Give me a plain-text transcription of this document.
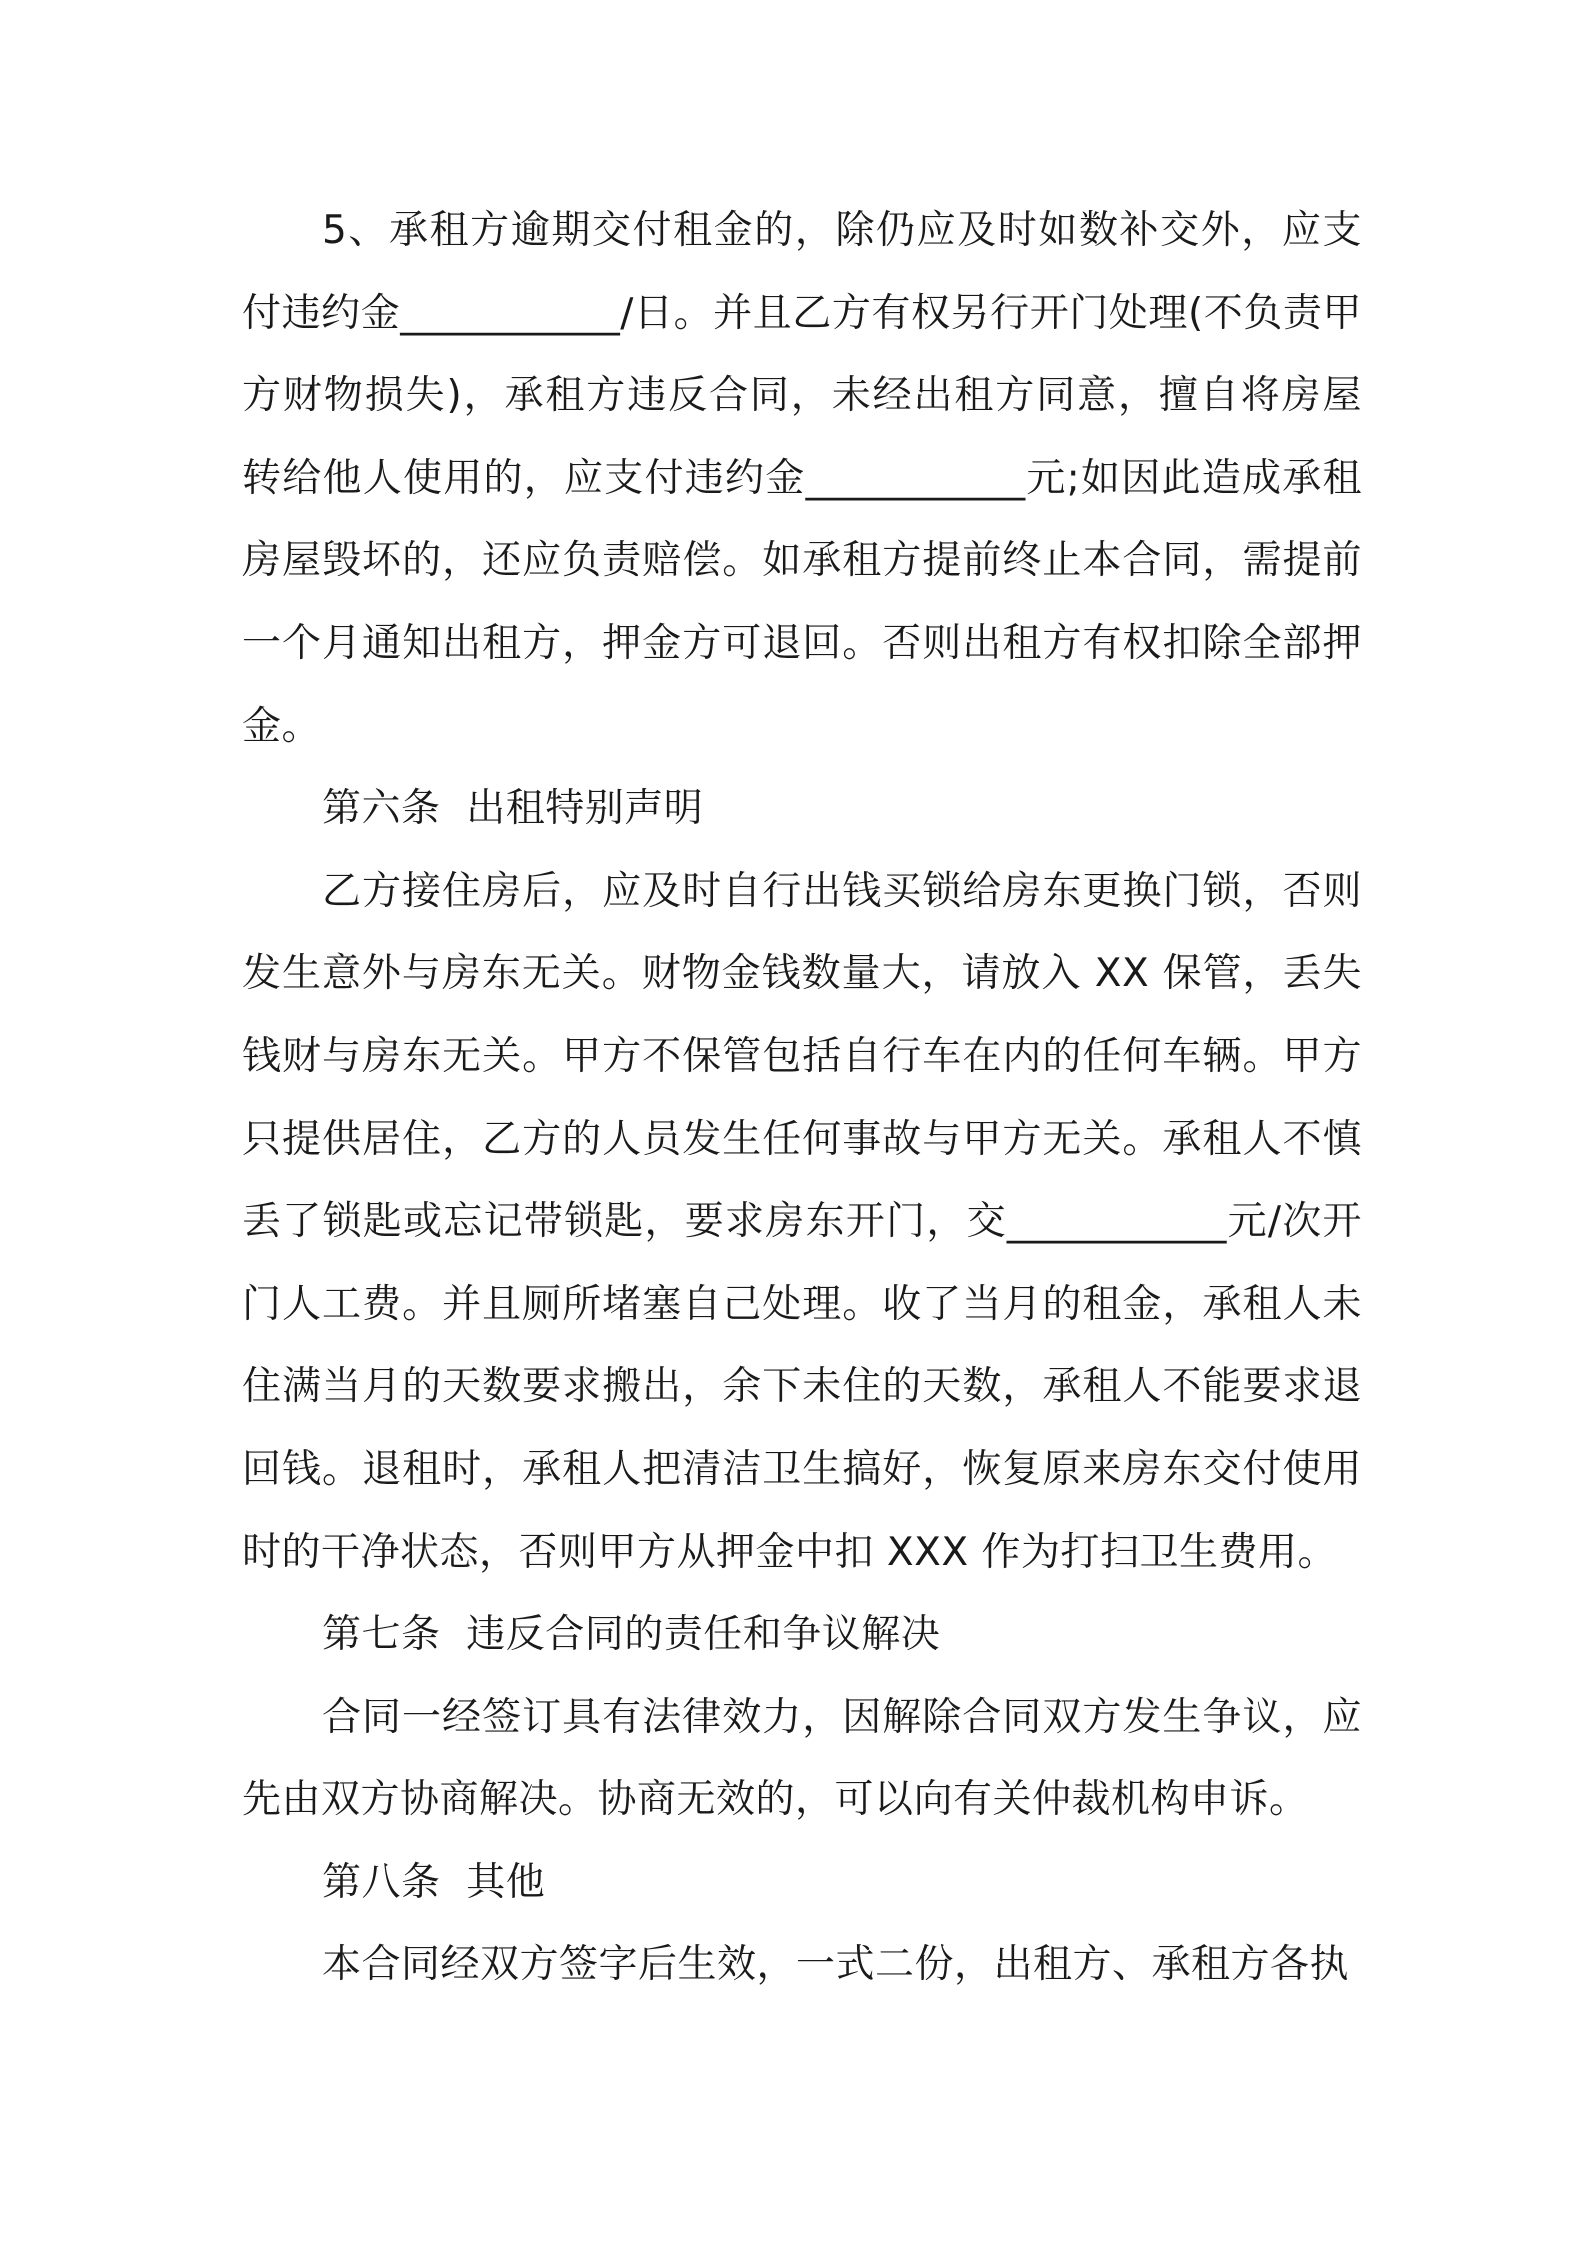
5、承租方逾期交付租金的，除仍应及时如数补交外，应支付违约金___________/日。并且乙方有权另行开门处理(不负责甲方财物损失)，承租方违反合同，未经出租方同意，擅自将房屋转给他人使用的，应支付违约金___________元;如因此造成承租房屋毁坏的，还应负责赔偿。如承租方提前终止本合同，需提前一个月通知出租方，押金方可退回。否则出租方有权扣除全部押金。

第六条  出租特别声明

乙方接住房后，应及时自行出钱买锁给房东更换门锁，否则发生意外与房东无关。财物金钱数量大，请放入 XX 保管，丢失钱财与房东无关。甲方不保管包括自行车在内的任何车辆。甲方只提供居住，乙方的人员发生任何事故与甲方无关。承租人不慎丢了锁匙或忘记带锁匙，要求房东开门，交___________元/次开门人工费。并且厕所堵塞自己处理。收了当月的租金，承租人未住满当月的天数要求搬出，余下未住的天数，承租人不能要求退回钱。退租时，承租人把清洁卫生搞好，恢复原来房东交付使用时的干净状态，否则甲方从押金中扣 XXX 作为打扫卫生费用。

第七条  违反合同的责任和争议解决

合同一经签订具有法律效力，因解除合同双方发生争议，应先由双方协商解决。协商无效的，可以向有关仲裁机构申诉。

第八条  其他

本合同经双方签字后生效，一式二份，出租方、承租方各执
